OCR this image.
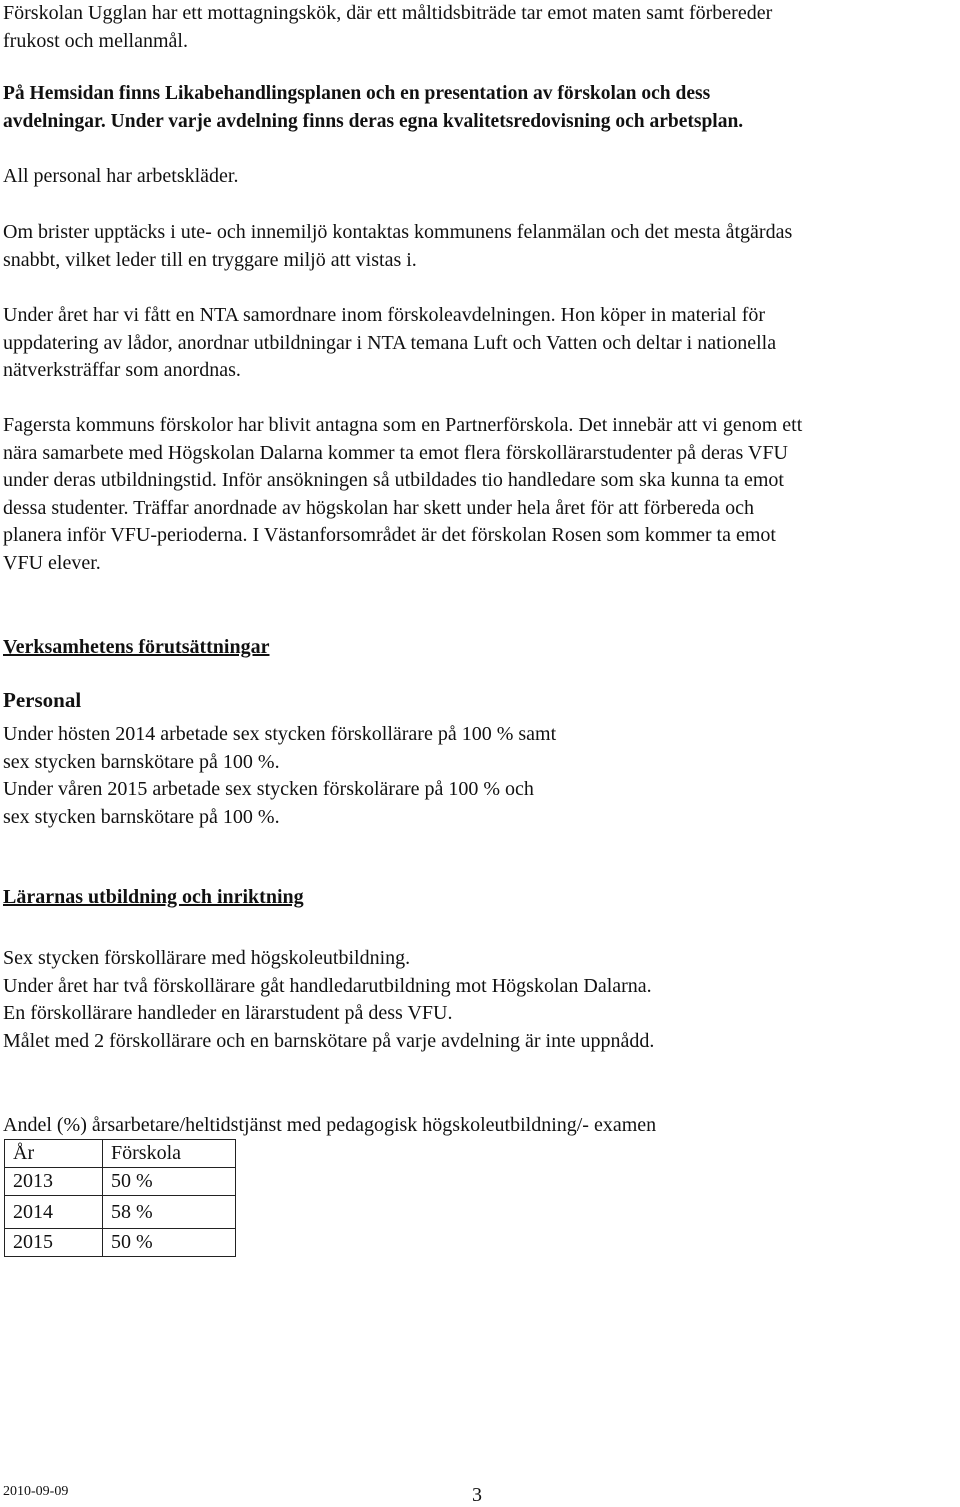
Förskolan Ugglan har ett mottagningskök, där ett måltidsbiträde tar emot maten samt förbereder
frukost och mellanmål.

På Hemsidan finns Likabehandlingsplanen och en presentation av förskolan och dess
avdelningar. Under varje avdelning finns deras egna kvalitetsredovisning och arbetsplan.

All personal har arbetskläder.

Om brister upptäcks i ute- och innemiljö kontaktas kommunens felanmälan och det mesta åtgärdas
snabbt, vilket leder till en tryggare miljö att vistas i.

Under året har vi fått en NTA samordnare inom förskoleavdelningen. Hon köper in material för
uppdatering av lådor, anordnar utbildningar i NTA temana Luft och Vatten och deltar i nationella
nätverksträffar som anordnas.

Fagersta kommuns förskolor har blivit antagna som en Partnerförskola. Det innebär att vi genom ett
nära samarbete med Högskolan Dalarna kommer ta emot flera förskollärarstudenter på deras VFU
under deras utbildningstid. Inför ansökningen så utbildades tio handledare som ska kunna ta emot
dessa studenter. Träffar anordnade av högskolan har skett under hela året för att förbereda och
planera inför VFU-perioderna. I Västanforsområdet är det förskolan Rosen som kommer ta emot
VFU elever.

Verksamhetens förutsättningar
Personal

Under hösten 2014 arbetade sex stycken förskollärare på 100 % samt
sex stycken barnskötare på 100 %.
Under våren 2015 arbetade sex stycken förskolärare på 100 % och
sex stycken barnskötare på 100 %.

Lärarnas utbildning och inriktning

Sex stycken förskollärare med högskoleutbildning.
Under året har två förskollärare gåt handledarutbildning mot Högskolan Dalarna.
En förskollärare handleder en lärarstudent på dess VFU.
Målet med 2 förskollärare och en barnskötare på varje avdelning är inte uppnådd.

Andel (%) årsarbetare/heltidstjänst med pedagogisk högskoleutbildning/- examen

År	Förskola
2013	50 %
2014	58 %
2015	50 %
2010-09-09	3
